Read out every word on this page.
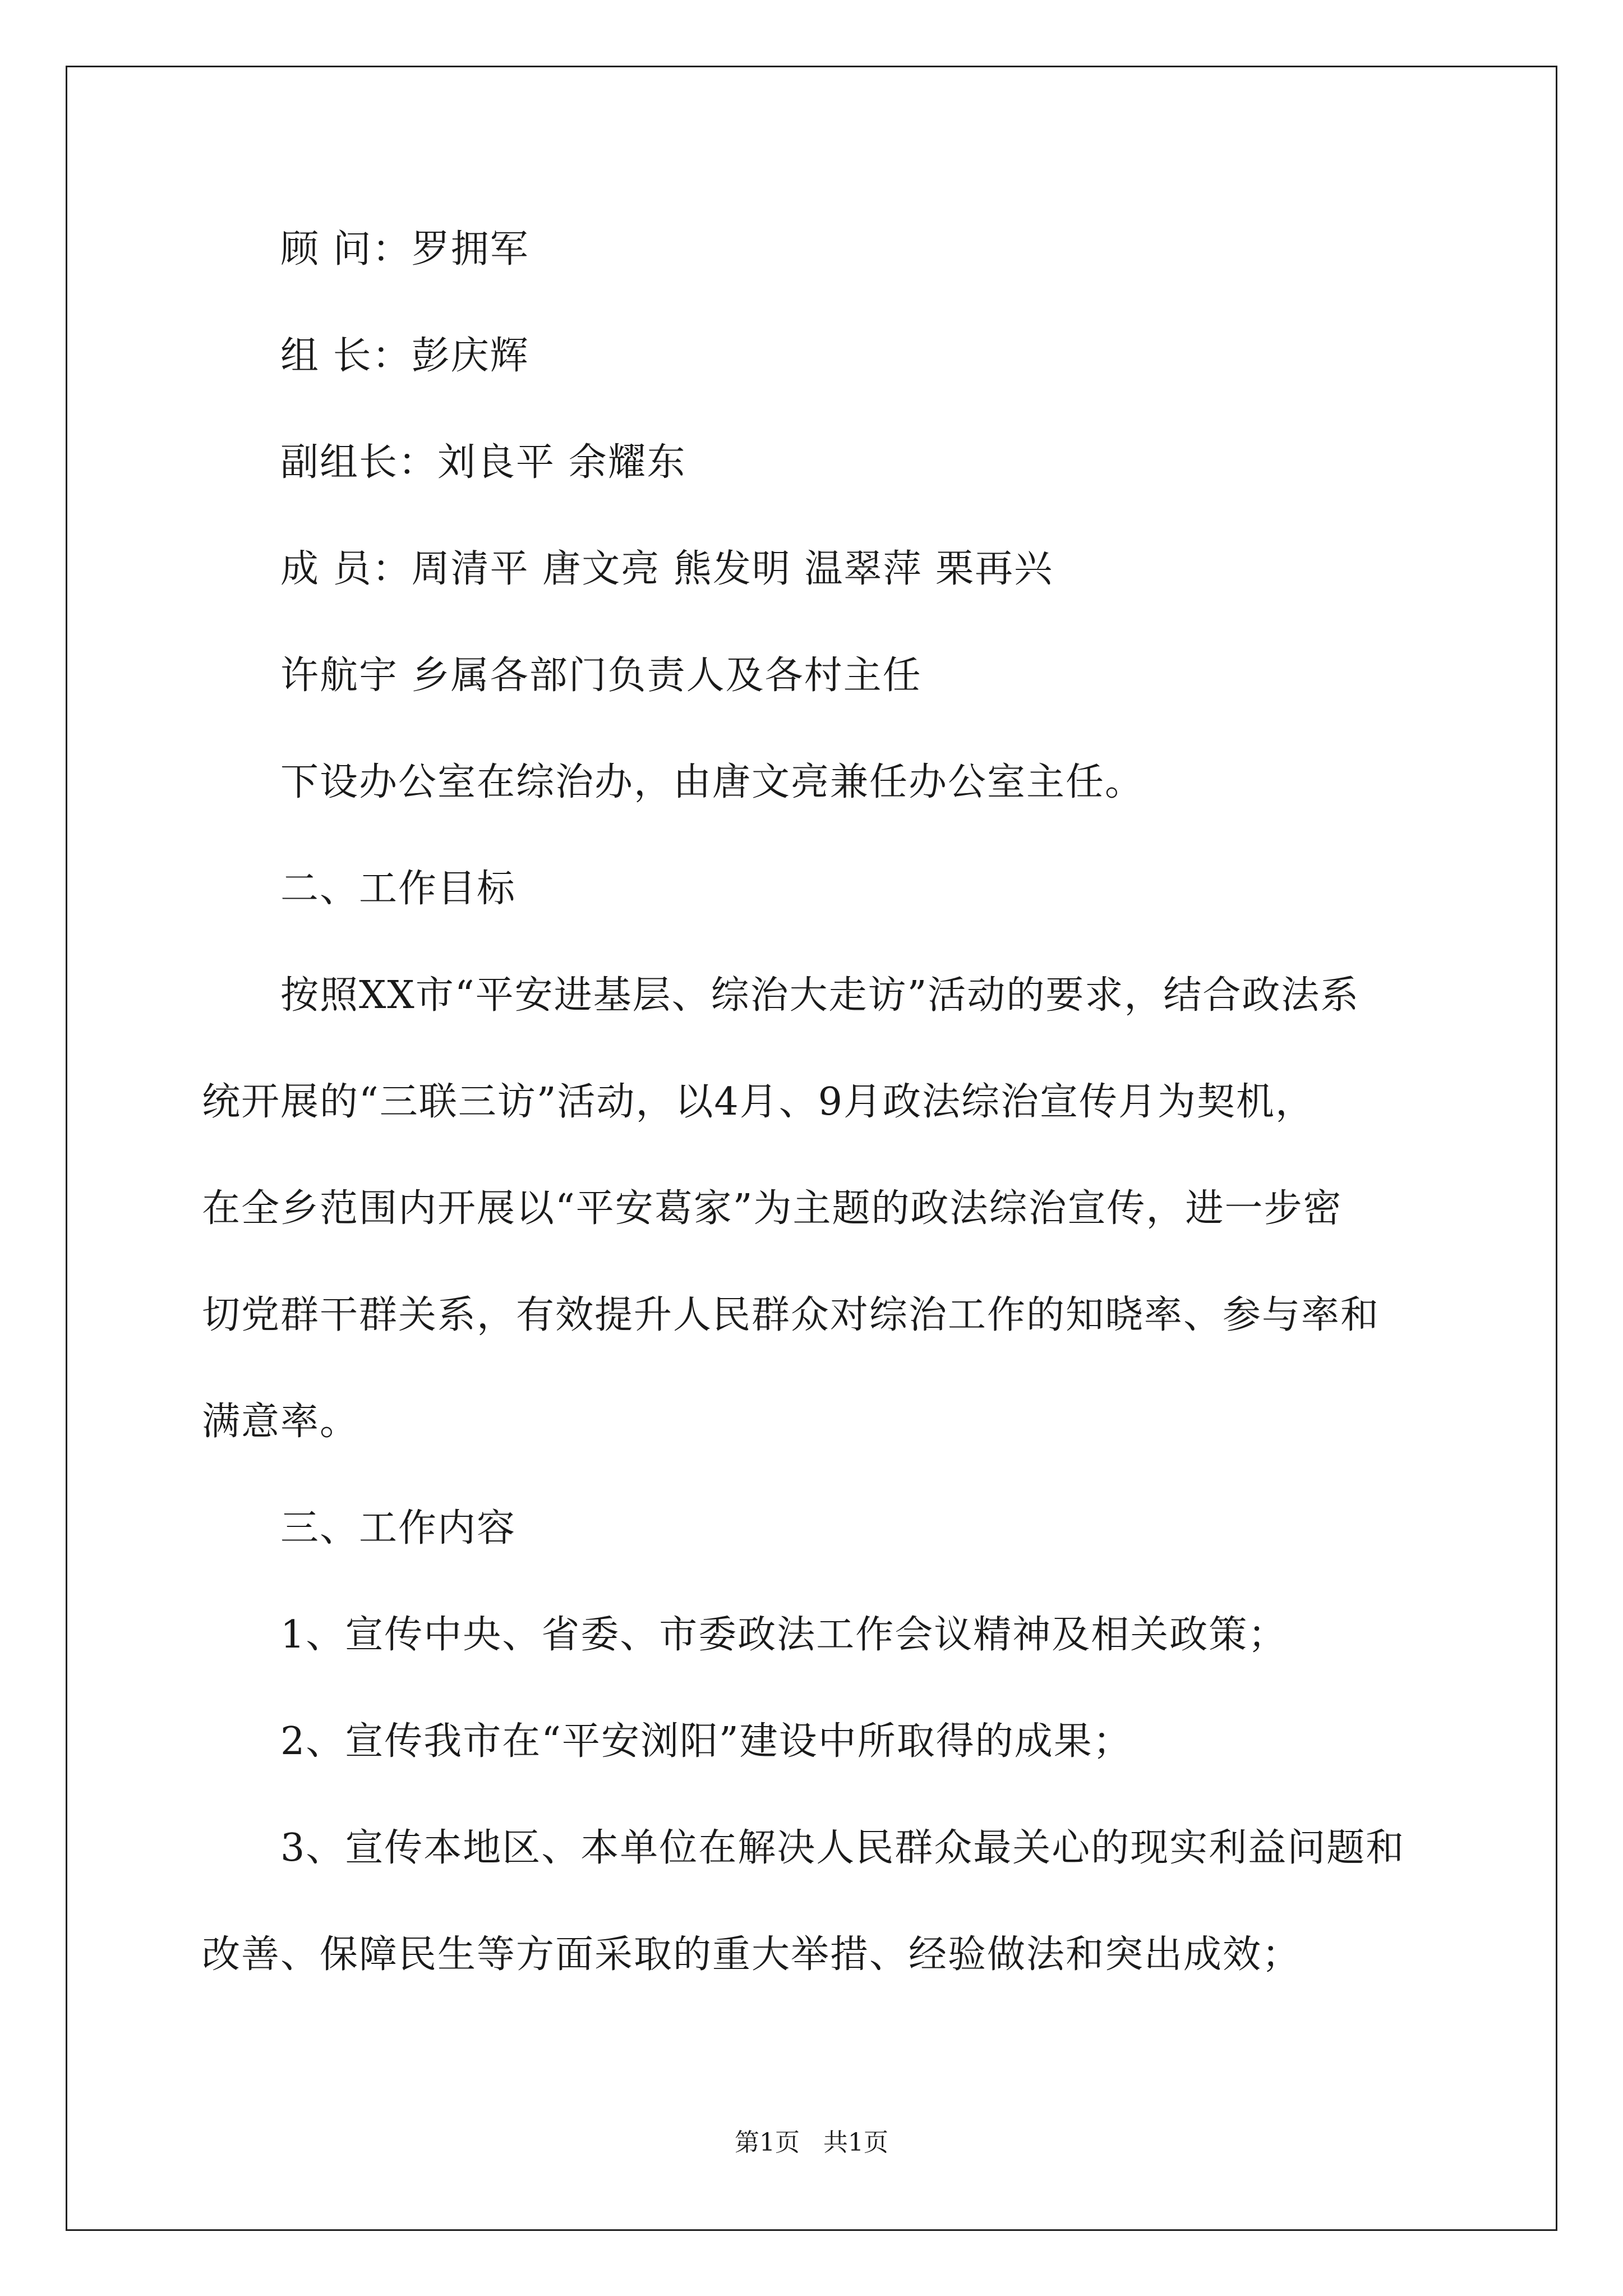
顾 问：罗拥军
组 长：彭庆辉
副组长：刘良平 余耀东
成 员：周清平 唐文亮 熊发明 温翠萍 栗再兴
许航宇 乡属各部门负责人及各村主任
下设办公室在综治办，由唐文亮兼任办公室主任。
二、工作目标
按照XX市“平安进基层、综治大走访”活动的要求，结合政法系
统开展的“三联三访”活动，以4月、9月政法综治宣传月为契机，
在全乡范围内开展以“平安葛家”为主题的政法综治宣传，进一步密
切党群干群关系，有效提升人民群众对综治工作的知晓率、参与率和
满意率。
三、工作内容
1、宣传中央、省委、市委政法工作会议精神及相关政策；
2、宣传我市在“平安浏阳”建设中所取得的成果；
3、宣传本地区、本单位在解决人民群众最关心的现实利益问题和
改善、保障民生等方面采取的重大举措、经验做法和突出成效；
第1页   共1页
